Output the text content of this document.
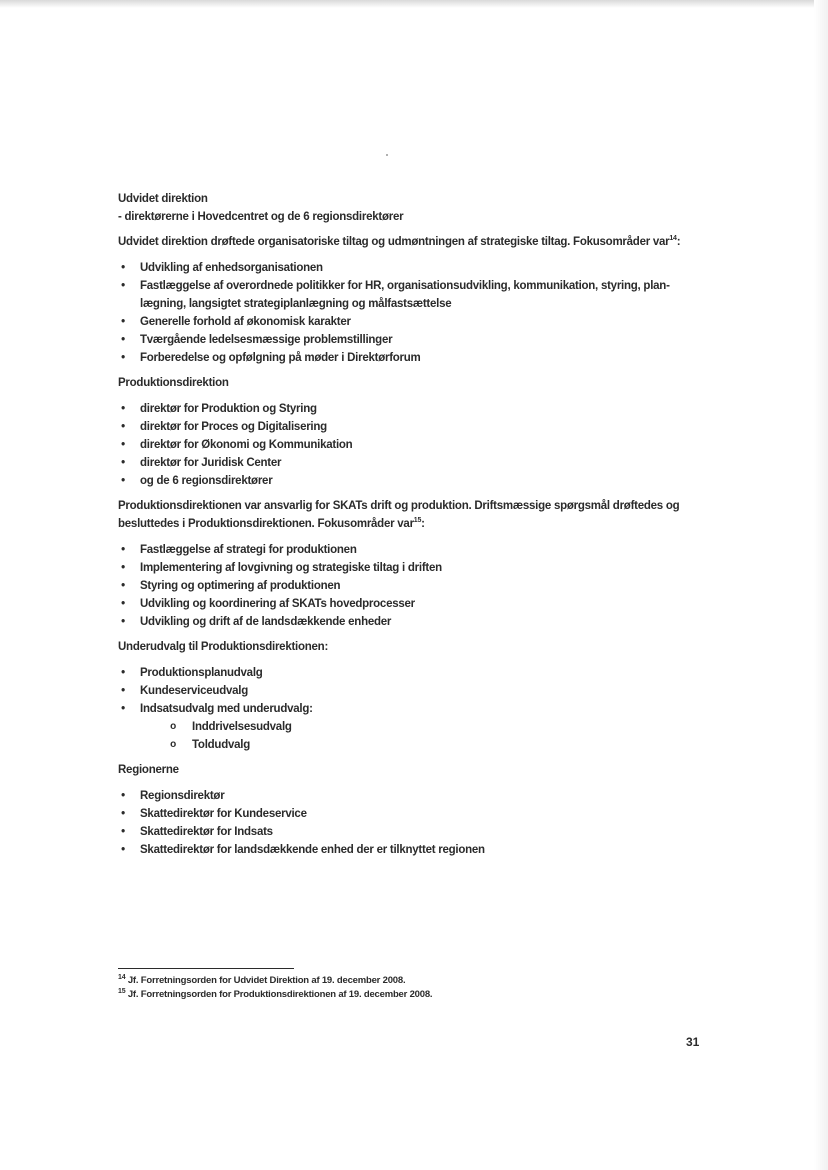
Udvidet direktion

- direktørerne i Hovedcentret og de 6 regionsdirektører

Udvidet direktion drøftede organisatoriske tiltag og udmøntningen af strategiske tiltag. Fokusområder var$^{14}$:

• Udvikling af enhedsorganisationen
• Fastlæggelse af overordnede politikker for HR, organisationsudvikling, kommunikation, styring, plan-
lægning, langsigtet strategiplanlægning og målfastsættelse
• Generelle forhold af økonomisk karakter
• Tværgående ledelsesmæssige problemstillinger
• Forberedelse og opfølgning på møder i Direktørforum

Produktionsdirektion

• direktør for Produktion og Styring
• direktør for Proces og Digitalisering
• direktør for Økonomi og Kommunikation
• direktør for Juridisk Center
• og de 6 regionsdirektører

Produktionsdirektionen var ansvarlig for SKATs drift og produktion. Driftsmæssige spørgsmål drøftedes og
besluttedes i Produktionsdirektionen. Fokusområder var$^{15}$:

• Fastlæggelse af strategi for produktionen
• Implementering af lovgivning og strategiske tiltag i driften
• Styring og optimering af produktionen
• Udvikling og koordinering af SKATs hovedprocesser
• Udvikling og drift af de landsdækkende enheder

Underudvalg til Produktionsdirektionen:

• Produktionsplanudvalg
• Kundeserviceudvalg
• Indsatsudvalg med underudvalg:
o Inddrivelsesudvalg
o Toldudvalg

Regionerne

• Regionsdirektør
• Skattedirektør for Kundeservice
• Skattedirektør for Indsats
• Skattedirektør for landsdækkende enhed der er tilknyttet regionen

$^{14}$ Jf. Forretningsorden for Udvidet Direktion af 19. december 2008.

$^{15}$ Jf. Forretningsorden for Produktionsdirektionen af 19. december 2008.

31
